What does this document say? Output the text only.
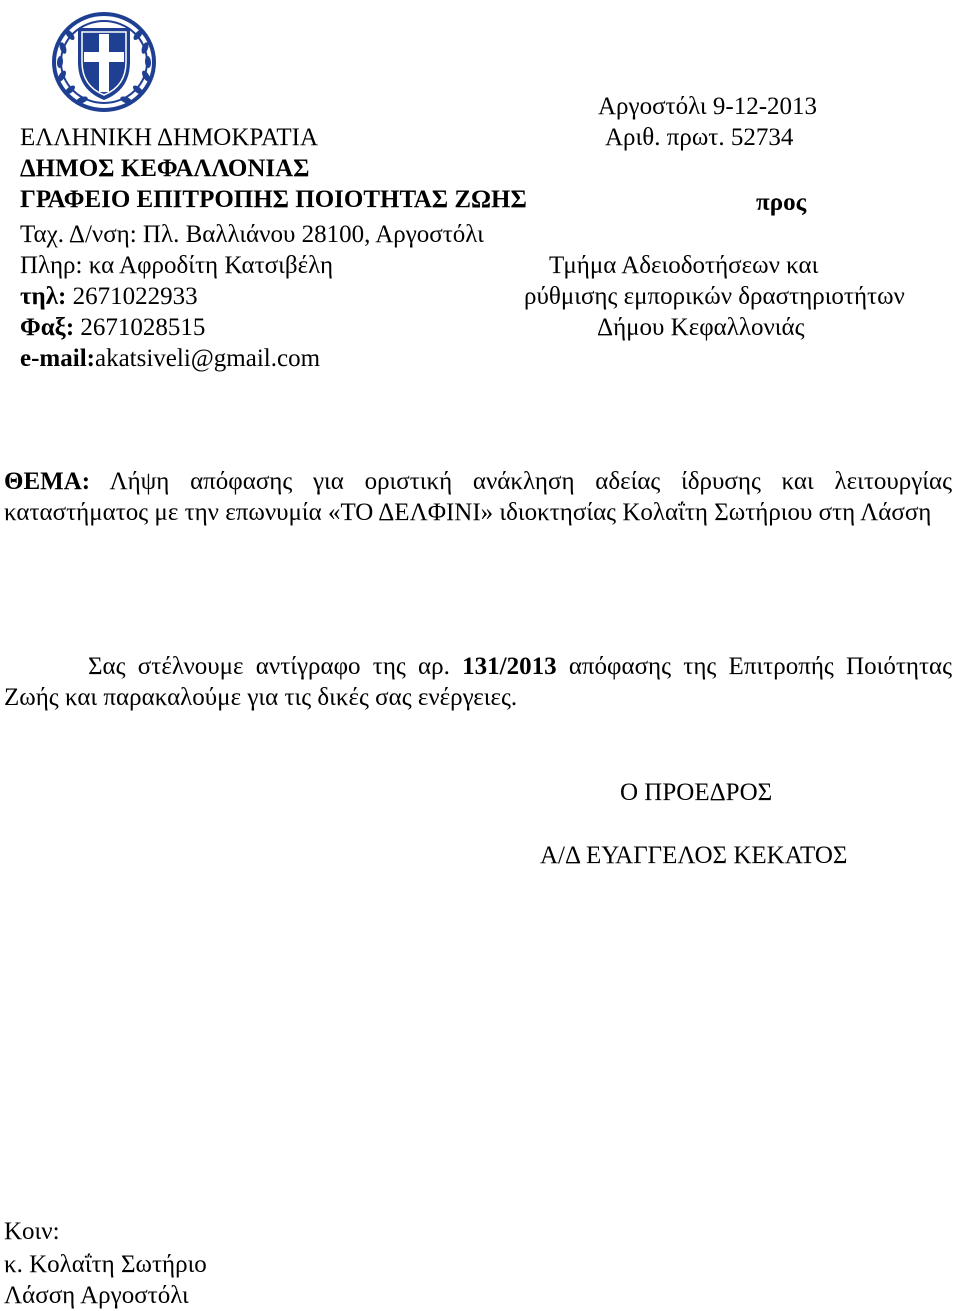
Αργοστόλι 9-12-2013
Αριθ. πρωτ. 52734
ΕΛΛΗΝΙΚΗ ΔΗΜΟΚΡΑΤΙΑ
ΔΗΜΟΣ ΚΕΦΑΛΛΟΝΙΑΣ
ΓΡΑΦΕΙΟ ΕΠΙΤΡΟΠΗΣ ΠΟΙΟΤΗΤΑΣ ΖΩΗΣ	προς
Ταχ. Δ/νση: Πλ. Βαλλιάνου 28100, Αργοστόλι
Πληρ: κα Αφροδίτη Κατσιβέλη
τηλ: 2671022933
Φαξ: 2671028515
e-mail:akatsiveli@gmail.com
Τμήμα Αδειοδοτήσεων και
ρύθμισης εμπορικών δραστηριοτήτων
Δήμου Κεφαλλονιάς
ΘΕΜΑ: Λήψη απόφασης για οριστική ανάκληση αδείας ίδρυσης και λειτουργίας καταστήματος με την επωνυμία «ΤΟ ΔΕΛΦΙΝΙ» ιδιοκτησίας Κολαΐτη Σωτήριου στη Λάσση
Σας στέλνουμε αντίγραφο της αρ. 131/2013 απόφασης της Επιτροπής Ποιότητας Ζωής και παρακαλούμε για τις δικές σας ενέργειες.
Ο ΠΡΟΕΔΡΟΣ
Α/Δ ΕΥΑΓΓΕΛΟΣ ΚΕΚΑΤΟΣ
Κοιν:
κ. Κολαΐτη Σωτήριο
Λάσση Αργοστόλι
